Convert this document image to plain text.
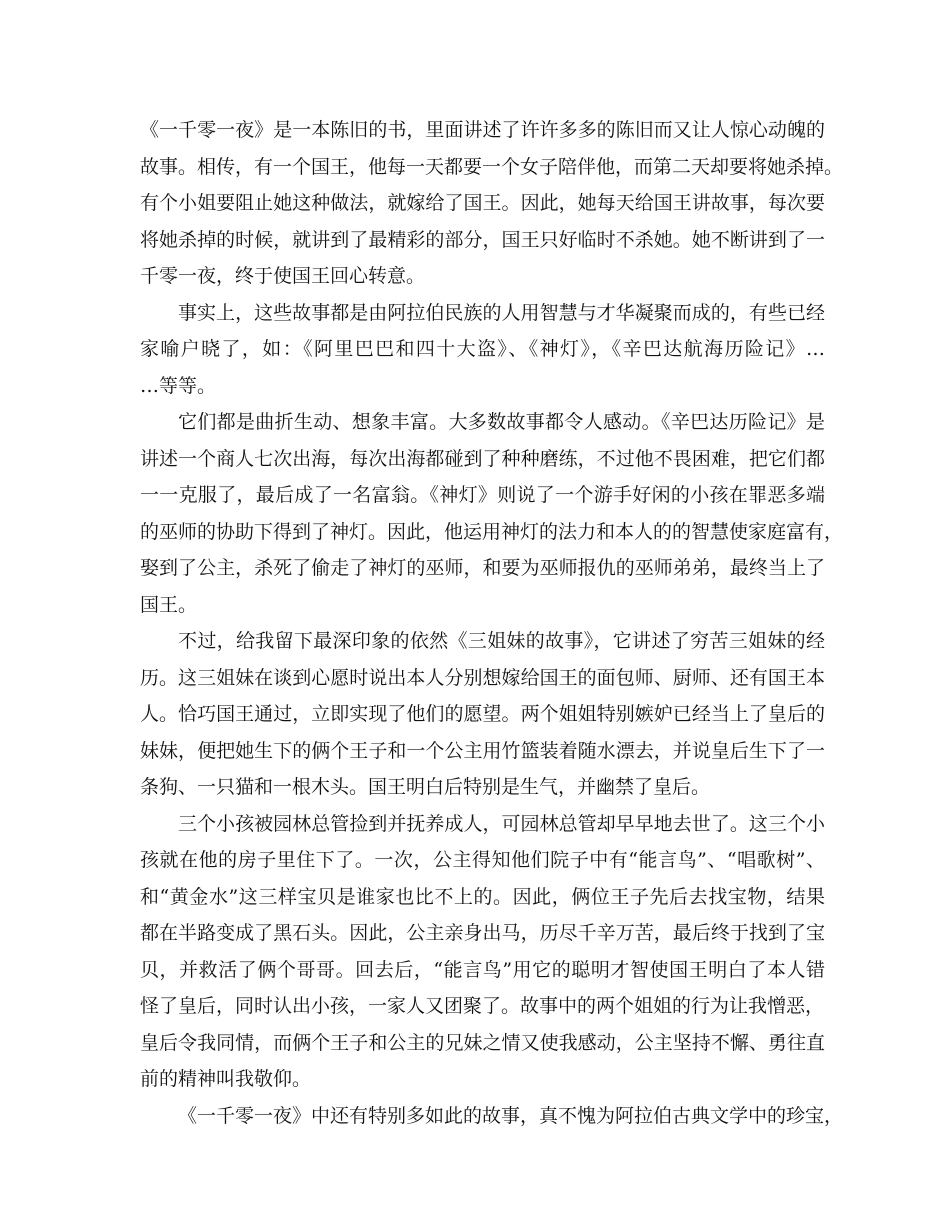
《一千零一夜》是一本陈旧的书，里面讲述了许许多多的陈旧而又让人惊心动魄的
故事。相传，有一个国王，他每一天都要一个女子陪伴他，而第二天却要将她杀掉。
有个小姐要阻止她这种做法，就嫁给了国王。因此，她每天给国王讲故事，每次要
将她杀掉的时候，就讲到了最精彩的部分，国王只好临时不杀她。她不断讲到了一
千零一夜，终于使国王回心转意。
事实上，这些故事都是由阿拉伯民族的人用智慧与才华凝聚而成的，有些已经
家喻户晓了，如：《阿里巴巴和四十大盗》、《神灯》，《辛巴达航海历险记》…
…等等。
它们都是曲折生动、想象丰富。大多数故事都令人感动。《辛巴达历险记》是
讲述一个商人七次出海，每次出海都碰到了种种磨练，不过他不畏困难，把它们都
一一克服了，最后成了一名富翁。《神灯》则说了一个游手好闲的小孩在罪恶多端
的巫师的协助下得到了神灯。因此，他运用神灯的法力和本人的的智慧使家庭富有，
娶到了公主，杀死了偷走了神灯的巫师，和要为巫师报仇的巫师弟弟，最终当上了
国王。
不过，给我留下最深印象的依然《三姐妹的故事》，它讲述了穷苦三姐妹的经
历。这三姐妹在谈到心愿时说出本人分别想嫁给国王的面包师、厨师、还有国王本
人。恰巧国王通过，立即实现了他们的愿望。两个姐姐特别嫉妒已经当上了皇后的
妹妹，便把她生下的俩个王子和一个公主用竹篮装着随水漂去，并说皇后生下了一
条狗、一只猫和一根木头。国王明白后特别是生气，并幽禁了皇后。
三个小孩被园林总管捡到并抚养成人，可园林总管却早早地去世了。这三个小
孩就在他的房子里住下了。一次，公主得知他们院子中有“能言鸟”、“唱歌树”、
和“黄金水”这三样宝贝是谁家也比不上的。因此，俩位王子先后去找宝物，结果
都在半路变成了黑石头。因此，公主亲身出马，历尽千辛万苦，最后终于找到了宝
贝，并救活了俩个哥哥。回去后，“能言鸟”用它的聪明才智使国王明白了本人错
怪了皇后，同时认出小孩，一家人又团聚了。故事中的两个姐姐的行为让我憎恶，
皇后令我同情，而俩个王子和公主的兄妹之情又使我感动，公主坚持不懈、勇往直
前的精神叫我敬仰。
《一千零一夜》中还有特别多如此的故事，真不愧为阿拉伯古典文学中的珍宝，
